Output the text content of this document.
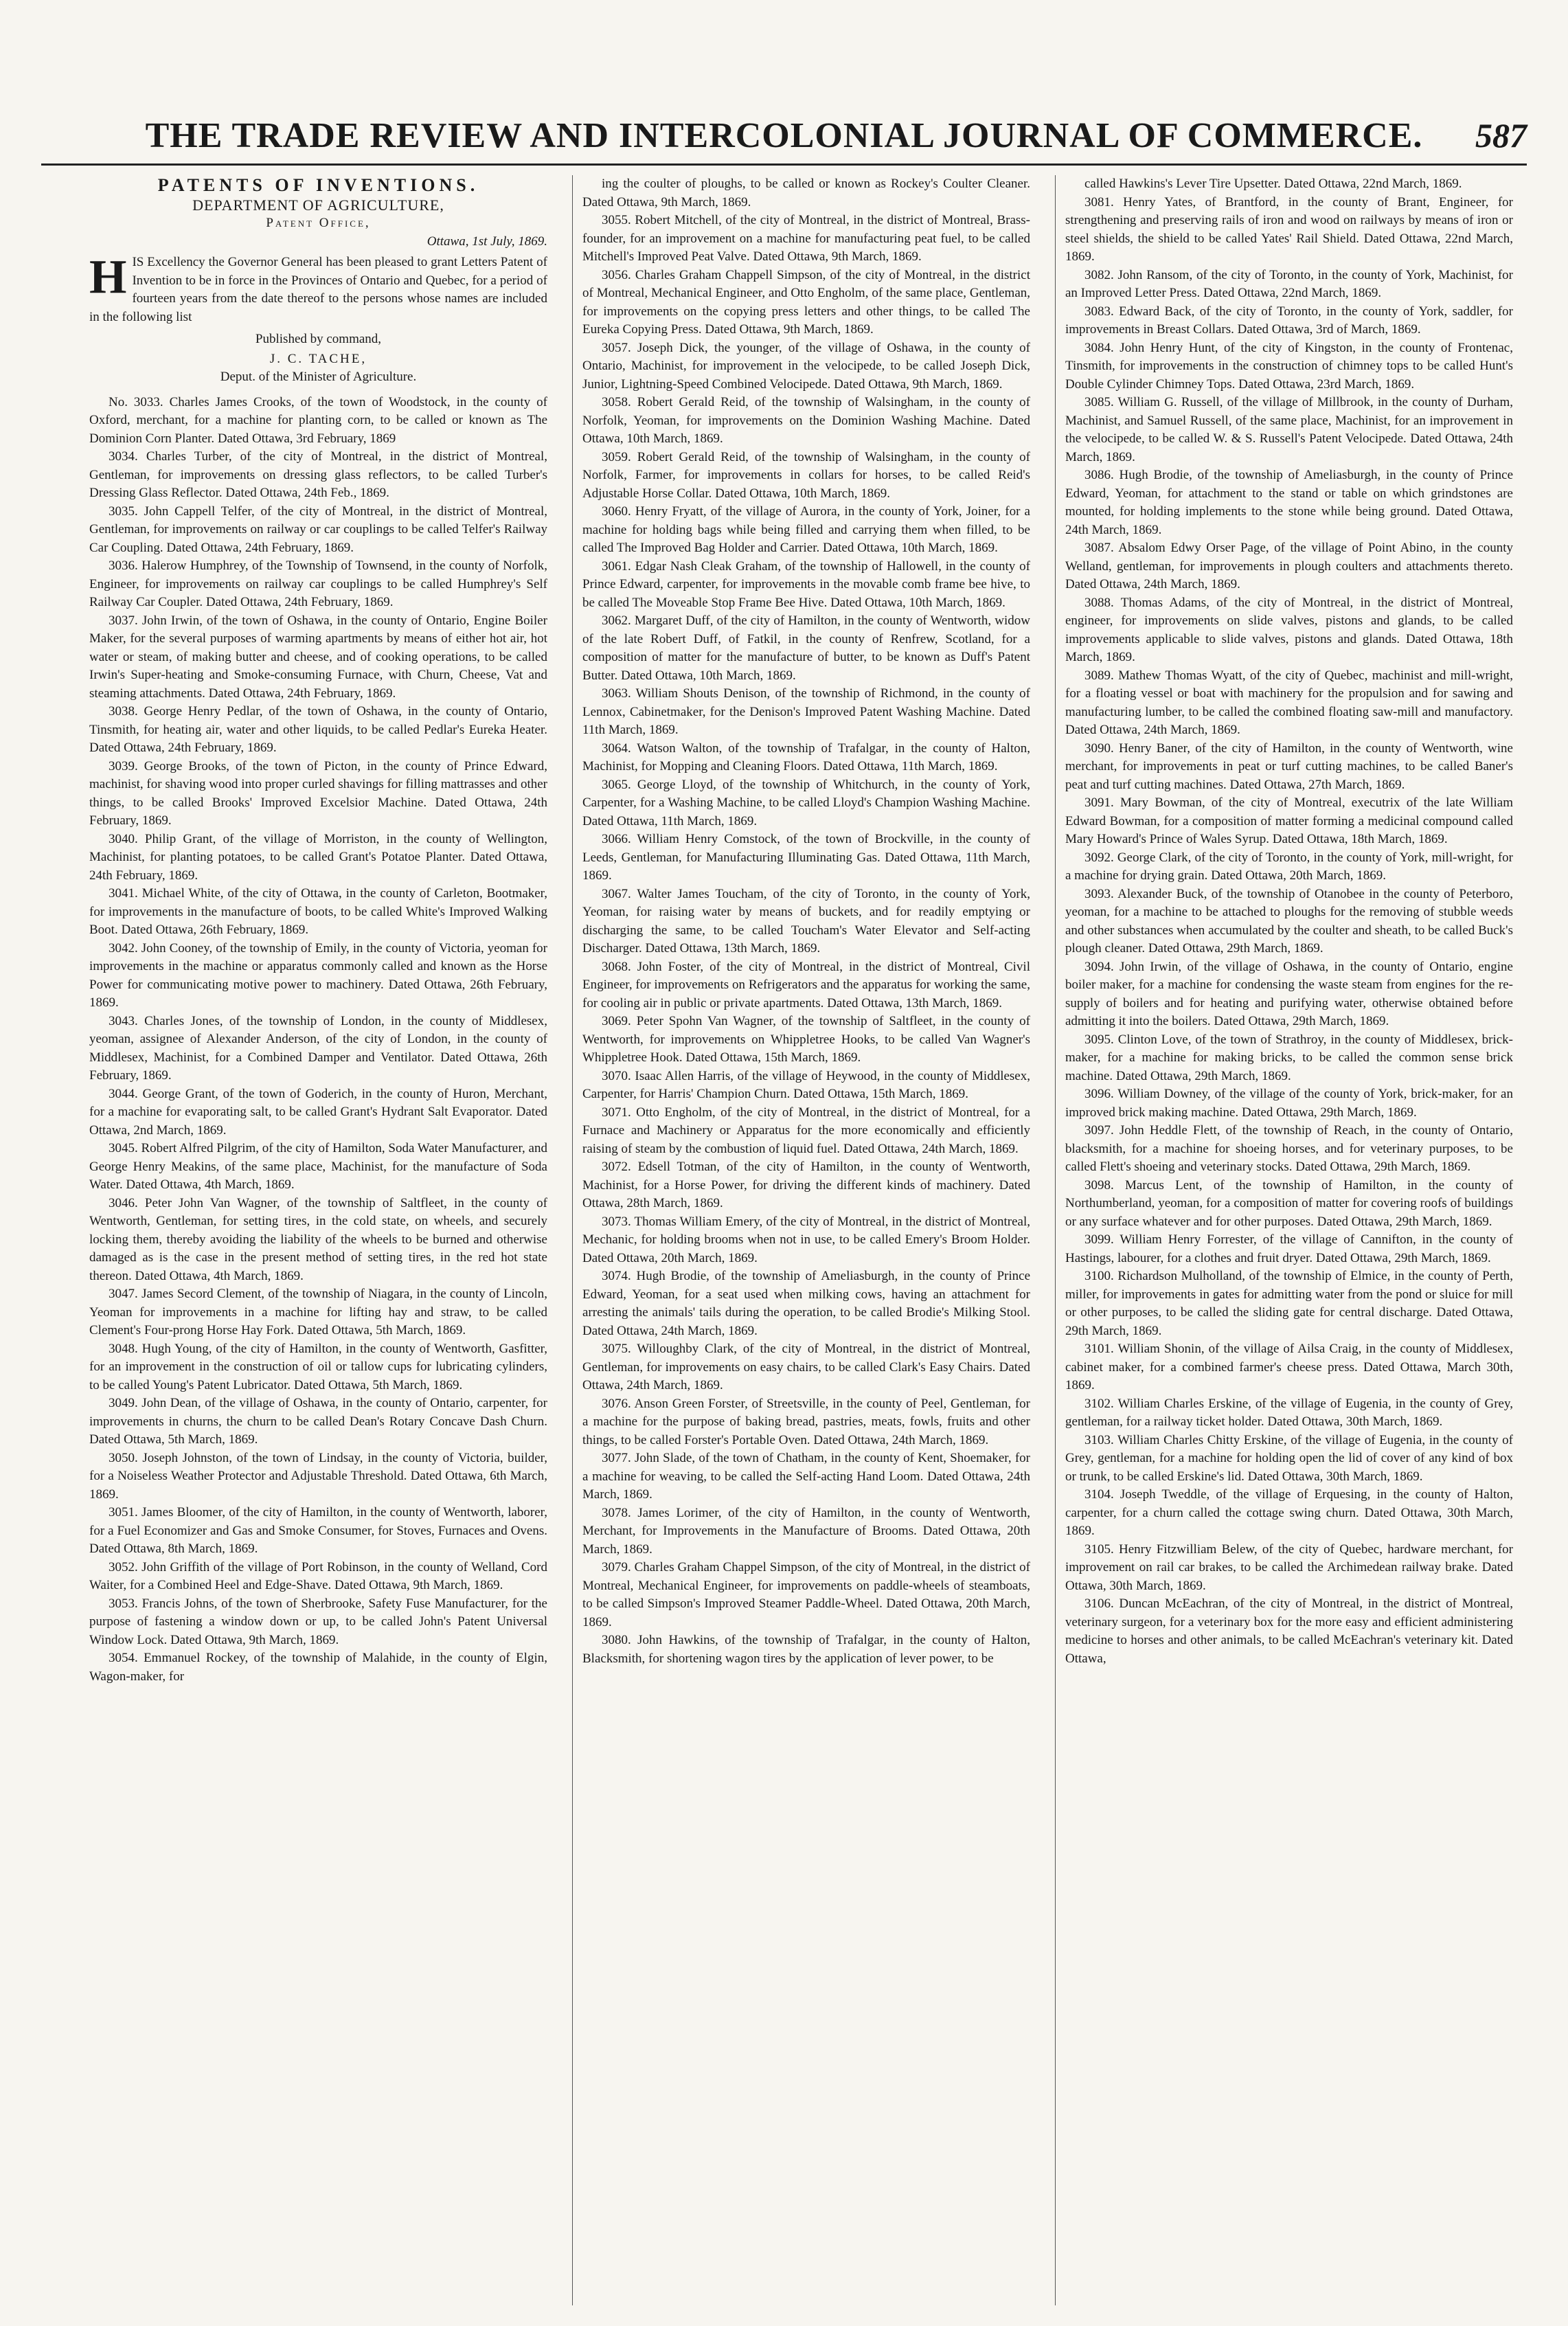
THE TRADE REVIEW AND INTERCOLONIAL JOURNAL OF COMMERCE.	587
PATENTS OF INVENTIONS.
DEPARTMENT OF AGRICULTURE,
Patent Office,
Ottawa, 1st July, 1869.

HIS Excellency the Governor General has been pleased to grant Letters Patent of Invention to be in force in the Provinces of Ontario and Quebec, for a period of fourteen years from the date thereof to the persons whose names are included in the following list

Published by command,
J. C. TACHE,
Deput. of the Minister of Agriculture.

No. 3033. Charles James Crooks, of the town of Woodstock, in the county of Oxford, merchant, for a machine for planting corn, to be called or known as The Dominion Corn Planter. Dated Ottawa, 3rd February, 1869

3034. Charles Turber, of the city of Montreal, in the district of Montreal, Gentleman, for improvements on dressing glass reflectors, to be called Turber's Dressing Glass Reflector. Dated Ottawa, 24th Feb., 1869.

3035. John Cappell Telfer, of the city of Montreal, in the district of Montreal, Gentleman, for improvements on railway or car couplings to be called Telfer's Railway Car Coupling. Dated Ottawa, 24th February, 1869.

3036. Halerow Humphrey, of the Township of Townsend, in the county of Norfolk, Engineer, for improvements on railway car couplings to be called Humphrey's Self Railway Car Coupler. Dated Ottawa, 24th February, 1869.

3037. John Irwin, of the town of Oshawa, in the county of Ontario, Engine Boiler Maker, for the several purposes of warming apartments by means of either hot air, hot water or steam, of making butter and cheese, and of cooking operations, to be called Irwin's Super-heating and Smoke-consuming Furnace, with Churn, Cheese, Vat and steaming attachments. Dated Ottawa, 24th February, 1869.

3038. George Henry Pedlar, of the town of Oshawa, in the county of Ontario, Tinsmith, for heating air, water and other liquids, to be called Pedlar's Eureka Heater. Dated Ottawa, 24th February, 1869.

3039. George Brooks, of the town of Picton, in the county of Prince Edward, machinist, for shaving wood into proper curled shavings for filling mattrasses and other things, to be called Brooks' Improved Excelsior Machine. Dated Ottawa, 24th February, 1869.

3040. Philip Grant, of the village of Morriston, in the county of Wellington, Machinist, for planting potatoes, to be called Grant's Potatoe Planter. Dated Ottawa, 24th February, 1869.

3041. Michael White, of the city of Ottawa, in the county of Carleton, Bootmaker, for improvements in the manufacture of boots, to be called White's Improved Walking Boot. Dated Ottawa, 26th February, 1869.

3042. John Cooney, of the township of Emily, in the county of Victoria, yeoman for improvements in the machine or apparatus commonly called and known as the Horse Power for communicating motive power to machinery. Dated Ottawa, 26th February, 1869.

3043. Charles Jones, of the township of London, in the county of Middlesex, yeoman, assignee of Alexander Anderson, of the city of London, in the county of Middlesex, Machinist, for a Combined Damper and Ventilator. Dated Ottawa, 26th February, 1869.

3044. George Grant, of the town of Goderich, in the county of Huron, Merchant, for a machine for evaporating salt, to be called Grant's Hydrant Salt Evaporator. Dated Ottawa, 2nd March, 1869.

3045. Robert Alfred Pilgrim, of the city of Hamilton, Soda Water Manufacturer, and George Henry Meakins, of the same place, Machinist, for the manufacture of Soda Water. Dated Ottawa, 4th March, 1869.

3046. Peter John Van Wagner, of the township of Saltfleet, in the county of Wentworth, Gentleman, for setting tires, in the cold state, on wheels, and securely locking them, thereby avoiding the liability of the wheels to be burned and otherwise damaged as is the case in the present method of setting tires, in the red hot state thereon. Dated Ottawa, 4th March, 1869.

3047. James Secord Clement, of the township of Niagara, in the county of Lincoln, Yeoman for improvements in a machine for lifting hay and straw, to be called Clement's Four-prong Horse Hay Fork. Dated Ottawa, 5th March, 1869.

3048. Hugh Young, of the city of Hamilton, in the county of Wentworth, Gasfitter, for an improvement in the construction of oil or tallow cups for lubricating cylinders, to be called Young's Patent Lubricator. Dated Ottawa, 5th March, 1869.

3049. John Dean, of the village of Oshawa, in the county of Ontario, carpenter, for improvements in churns, the churn to be called Dean's Rotary Concave Dash Churn. Dated Ottawa, 5th March, 1869.

3050. Joseph Johnston, of the town of Lindsay, in the county of Victoria, builder, for a Noiseless Weather Protector and Adjustable Threshold. Dated Ottawa, 6th March, 1869.

3051. James Bloomer, of the city of Hamilton, in the county of Wentworth, laborer, for a Fuel Economizer and Gas and Smoke Consumer, for Stoves, Furnaces and Ovens. Dated Ottawa, 8th March, 1869.

3052. John Griffith of the village of Port Robinson, in the county of Welland, Cord Waiter, for a Combined Heel and Edge-Shave. Dated Ottawa, 9th March, 1869.

3053. Francis Johns, of the town of Sherbrooke, Safety Fuse Manufacturer, for the purpose of fastening a window down or up, to be called John's Patent Universal Window Lock. Dated Ottawa, 9th March, 1869.

3054. Emmanuel Rockey, of the township of Malahide, in the county of Elgin, Wagon-maker, for

ing the coulter of ploughs, to be called or known as Rockey's Coulter Cleaner. Dated Ottawa, 9th March, 1869.

3055. Robert Mitchell, of the city of Montreal, in the district of Montreal, Brass-founder, for an improvement on a machine for manufacturing peat fuel, to be called Mitchell's Improved Peat Valve. Dated Ottawa, 9th March, 1869.

3056. Charles Graham Chappell Simpson, of the city of Montreal, in the district of Montreal, Mechanical Engineer, and Otto Engholm, of the same place, Gentleman, for improvements on the copying press letters and other things, to be called The Eureka Copying Press. Dated Ottawa, 9th March, 1869.

3057. Joseph Dick, the younger, of the village of Oshawa, in the county of Ontario, Machinist, for improvement in the velocipede, to be called Joseph Dick, Junior, Lightning-Speed Combined Velocipede. Dated Ottawa, 9th March, 1869.

3058. Robert Gerald Reid, of the township of Walsingham, in the county of Norfolk, Yeoman, for improvements on the Dominion Washing Machine. Dated Ottawa, 10th March, 1869.

3059. Robert Gerald Reid, of the township of Walsingham, in the county of Norfolk, Farmer, for improvements in collars for horses, to be called Reid's Adjustable Horse Collar. Dated Ottawa, 10th March, 1869.

3060. Henry Fryatt, of the village of Aurora, in the county of York, Joiner, for a machine for holding bags while being filled and carrying them when filled, to be called The Improved Bag Holder and Carrier. Dated Ottawa, 10th March, 1869.

3061. Edgar Nash Cleak Graham, of the township of Hallowell, in the county of Prince Edward, carpenter, for improvements in the movable comb frame bee hive, to be called The Moveable Stop Frame Bee Hive. Dated Ottawa, 10th March, 1869.

3062. Margaret Duff, of the city of Hamilton, in the county of Wentworth, widow of the late Robert Duff, of Fatkil, in the county of Renfrew, Scotland, for a composition of matter for the manufacture of butter, to be known as Duff's Patent Butter. Dated Ottawa, 10th March, 1869.

3063. William Shouts Denison, of the township of Richmond, in the county of Lennox, Cabinetmaker, for the Denison's Improved Patent Washing Machine. Dated 11th March, 1869.

3064. Watson Walton, of the township of Trafalgar, in the county of Halton, Machinist, for Mopping and Cleaning Floors. Dated Ottawa, 11th March, 1869.

3065. George Lloyd, of the township of Whitchurch, in the county of York, Carpenter, for a Washing Machine, to be called Lloyd's Champion Washing Machine. Dated Ottawa, 11th March, 1869.

3066. William Henry Comstock, of the town of Brockville, in the county of Leeds, Gentleman, for Manufacturing Illuminating Gas. Dated Ottawa, 11th March, 1869.

3067. Walter James Toucham, of the city of Toronto, in the county of York, Yeoman, for raising water by means of buckets, and for readily emptying or discharging the same, to be called Toucham's Water Elevator and Self-acting Discharger. Dated Ottawa, 13th March, 1869.

3068. John Foster, of the city of Montreal, in the district of Montreal, Civil Engineer, for improvements on Refrigerators and the apparatus for working the same, for cooling air in public or private apartments. Dated Ottawa, 13th March, 1869.

3069. Peter Spohn Van Wagner, of the township of Saltfleet, in the county of Wentworth, for improvements on Whippletree Hooks, to be called Van Wagner's Whippletree Hook. Dated Ottawa, 15th March, 1869.

3070. Isaac Allen Harris, of the village of Heywood, in the county of Middlesex, Carpenter, for Harris' Champion Churn. Dated Ottawa, 15th March, 1869.

3071. Otto Engholm, of the city of Montreal, in the district of Montreal, for a Furnace and Machinery or Apparatus for the more economically and efficiently raising of steam by the combustion of liquid fuel. Dated Ottawa, 24th March, 1869.

3072. Edsell Totman, of the city of Hamilton, in the county of Wentworth, Machinist, for a Horse Power, for driving the different kinds of machinery. Dated Ottawa, 28th March, 1869.

3073. Thomas William Emery, of the city of Montreal, in the district of Montreal, Mechanic, for holding brooms when not in use, to be called Emery's Broom Holder. Dated Ottawa, 20th March, 1869.

3074. Hugh Brodie, of the township of Ameliasburgh, in the county of Prince Edward, Yeoman, for a seat used when milking cows, having an attachment for arresting the animals' tails during the operation, to be called Brodie's Milking Stool. Dated Ottawa, 24th March, 1869.

3075. Willoughby Clark, of the city of Montreal, in the district of Montreal, Gentleman, for improvements on easy chairs, to be called Clark's Easy Chairs. Dated Ottawa, 24th March, 1869.

3076. Anson Green Forster, of Streetsville, in the county of Peel, Gentleman, for a machine for the purpose of baking bread, pastries, meats, fowls, fruits and other things, to be called Forster's Portable Oven. Dated Ottawa, 24th March, 1869.

3077. John Slade, of the town of Chatham, in the county of Kent, Shoemaker, for a machine for weaving, to be called the Self-acting Hand Loom. Dated Ottawa, 24th March, 1869.

3078. James Lorimer, of the city of Hamilton, in the county of Wentworth, Merchant, for Improvements in the Manufacture of Brooms. Dated Ottawa, 20th March, 1869.

3079. Charles Graham Chappel Simpson, of the city of Montreal, in the district of Montreal, Mechanical Engineer, for improvements on paddle-wheels of steamboats, to be called Simpson's Improved Steamer Paddle-Wheel. Dated Ottawa, 20th March, 1869.

3080. John Hawkins, of the township of Trafalgar, in the county of Halton, Blacksmith, for shortening wagon tires by the application of lever power, to be

called Hawkins's Lever Tire Upsetter. Dated Ottawa, 22nd March, 1869.

3081. Henry Yates, of Brantford, in the county of Brant, Engineer, for strengthening and preserving rails of iron and wood on railways by means of iron or steel shields, the shield to be called Yates' Rail Shield. Dated Ottawa, 22nd March, 1869.

3082. John Ransom, of the city of Toronto, in the county of York, Machinist, for an Improved Letter Press. Dated Ottawa, 22nd March, 1869.

3083. Edward Back, of the city of Toronto, in the county of York, saddler, for improvements in Breast Collars. Dated Ottawa, 3rd of March, 1869.

3084. John Henry Hunt, of the city of Kingston, in the county of Frontenac, Tinsmith, for improvements in the construction of chimney tops to be called Hunt's Double Cylinder Chimney Tops. Dated Ottawa, 23rd March, 1869.

3085. William G. Russell, of the village of Millbrook, in the county of Durham, Machinist, and Samuel Russell, of the same place, Machinist, for an improvement in the velocipede, to be called W. & S. Russell's Patent Velocipede. Dated Ottawa, 24th March, 1869.

3086. Hugh Brodie, of the township of Ameliasburgh, in the county of Prince Edward, Yeoman, for attachment to the stand or table on which grindstones are mounted, for holding implements to the stone while being ground. Dated Ottawa, 24th March, 1869.

3087. Absalom Edwy Orser Page, of the village of Point Abino, in the county Welland, gentleman, for improvements in plough coulters and attachments thereto. Dated Ottawa, 24th March, 1869.

3088. Thomas Adams, of the city of Montreal, in the district of Montreal, engineer, for improvements on slide valves, pistons and glands, to be called improvements applicable to slide valves, pistons and glands. Dated Ottawa, 18th March, 1869.

3089. Mathew Thomas Wyatt, of the city of Quebec, machinist and mill-wright, for a floating vessel or boat with machinery for the propulsion and for sawing and manufacturing lumber, to be called the combined floating saw-mill and manufactory. Dated Ottawa, 24th March, 1869.

3090. Henry Baner, of the city of Hamilton, in the county of Wentworth, wine merchant, for improvements in peat or turf cutting machines, to be called Baner's peat and turf cutting machines. Dated Ottawa, 27th March, 1869.

3091. Mary Bowman, of the city of Montreal, executrix of the late William Edward Bowman, for a composition of matter forming a medicinal compound called Mary Howard's Prince of Wales Syrup. Dated Ottawa, 18th March, 1869.

3092. George Clark, of the city of Toronto, in the county of York, mill-wright, for a machine for drying grain. Dated Ottawa, 20th March, 1869.

3093. Alexander Buck, of the township of Otanobee in the county of Peterboro, yeoman, for a machine to be attached to ploughs for the removing of stubble weeds and other substances when accumulated by the coulter and sheath, to be called Buck's plough cleaner. Dated Ottawa, 29th March, 1869.

3094. John Irwin, of the village of Oshawa, in the county of Ontario, engine boiler maker, for a machine for condensing the waste steam from engines for the re-supply of boilers and for heating and purifying water, otherwise obtained before admitting it into the boilers. Dated Ottawa, 29th March, 1869.

3095. Clinton Love, of the town of Strathroy, in the county of Middlesex, brick-maker, for a machine for making bricks, to be called the common sense brick machine. Dated Ottawa, 29th March, 1869.

3096. William Downey, of the village of the county of York, brick-maker, for an improved brick making machine. Dated Ottawa, 29th March, 1869.

3097. John Heddle Flett, of the township of Reach, in the county of Ontario, blacksmith, for a machine for shoeing horses, and for veterinary purposes, to be called Flett's shoeing and veterinary stocks. Dated Ottawa, 29th March, 1869.

3098. Marcus Lent, of the township of Hamilton, in the county of Northumberland, yeoman, for a composition of matter for covering roofs of buildings or any surface whatever and for other purposes. Dated Ottawa, 29th March, 1869.

3099. William Henry Forrester, of the village of Cannifton, in the county of Hastings, labourer, for a clothes and fruit dryer. Dated Ottawa, 29th March, 1869.

3100. Richardson Mulholland, of the township of Elmice, in the county of Perth, miller, for improvements in gates for admitting water from the pond or sluice for mill or other purposes, to be called the sliding gate for central discharge. Dated Ottawa, 29th March, 1869.

3101. William Shonin, of the village of Ailsa Craig, in the county of Middlesex, cabinet maker, for a combined farmer's cheese press. Dated Ottawa, March 30th, 1869.

3102. William Charles Erskine, of the village of Eugenia, in the county of Grey, gentleman, for a railway ticket holder. Dated Ottawa, 30th March, 1869.

3103. William Charles Chitty Erskine, of the village of Eugenia, in the county of Grey, gentleman, for a machine for holding open the lid of cover of any kind of box or trunk, to be called Erskine's lid. Dated Ottawa, 30th March, 1869.

3104. Joseph Tweddle, of the village of Erquesing, in the county of Halton, carpenter, for a churn called the cottage swing churn. Dated Ottawa, 30th March, 1869.

3105. Henry Fitzwilliam Belew, of the city of Quebec, hardware merchant, for improvement on rail car brakes, to be called the Archimedean railway brake. Dated Ottawa, 30th March, 1869.

3106. Duncan McEachran, of the city of Montreal, in the district of Montreal, veterinary surgeon, for a veterinary box for the more easy and efficient administering medicine to horses and other animals, to be called McEachran's veterinary kit. Dated Ottawa,
